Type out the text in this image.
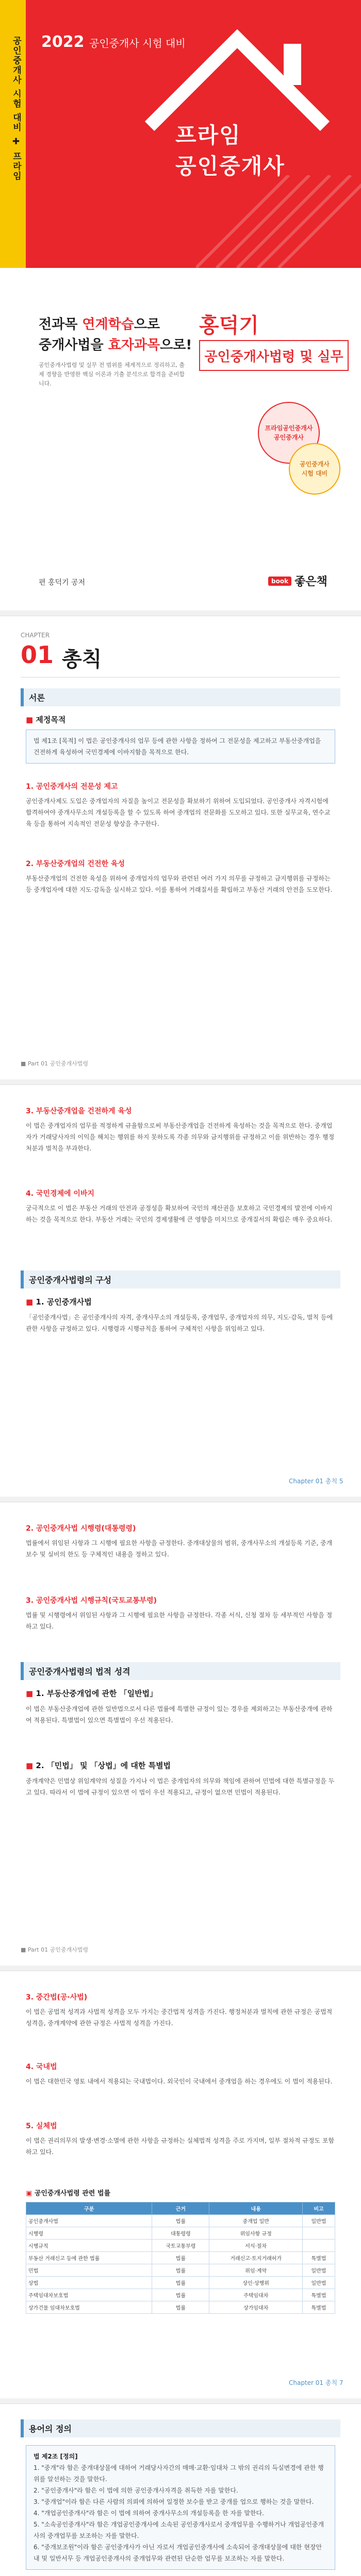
공인중개사 시험 대비 ✚ 프라임 2022 공인중개사 시험 대비
프라임
공인중개사
전과목 연계학습으로
중개사법을 효자과목으로!
공인중개사법령 및 실무 전 범위를 체계적으로 정리하고, 출제 경향을 반영한 핵심 이론과 기출 분석으로 합격을 준비합니다.
홍덕기
공인중개사법령 및 실무
프라임공인중개사
공인중개사
공인중개사
시험 대비
편 홍덕기 공저	book 좋은책
CHAPTER
01 총칙
서론
■ 제정목적
법 제1조 [목적] 이 법은 공인중개사의 업무 등에 관한 사항을 정하여 그 전문성을 제고하고 부동산중개업을 건전하게 육성하여 국민경제에 이바지함을 목적으로 한다.
1. 공인중개사의 전문성 제고
공인중개사제도 도입은 중개업자의 자질을 높이고 전문성을 확보하기 위하여 도입되었다. 공인중개사 자격시험에 합격하여야 중개사무소의 개설등록을 할 수 있도록 하여 중개업의 전문화를 도모하고 있다. 또한 실무교육, 연수교육 등을 통하여 지속적인 전문성 향상을 추구한다.
2. 부동산중개업의 건전한 육성
부동산중개업의 건전한 육성을 위하여 중개업자의 업무와 관련된 여러 가지 의무를 규정하고 금지행위를 규정하는 등 중개업자에 대한 지도·감독을 실시하고 있다. 이를 통하여 거래질서를 확립하고 부동산 거래의 안전을 도모한다.
■ Part 01 공인중개사법령
3. 부동산중개업을 건전하게 육성
이 법은 중개업자의 업무를 적정하게 규율함으로써 부동산중개업을 건전하게 육성하는 것을 목적으로 한다. 중개업자가 거래당사자의 이익을 해치는 행위를 하지 못하도록 각종 의무와 금지행위를 규정하고 이를 위반하는 경우 행정처분과 벌칙을 부과한다.
4. 국민경제에 이바지
궁극적으로 이 법은 부동산 거래의 안전과 공정성을 확보하여 국민의 재산권을 보호하고 국민경제의 발전에 이바지하는 것을 목적으로 한다. 부동산 거래는 국민의 경제생활에 큰 영향을 미치므로 중개질서의 확립은 매우 중요하다.
공인중개사법령의 구성
■ 1. 공인중개사법
「공인중개사법」은 공인중개사의 자격, 중개사무소의 개설등록, 중개업무, 중개업자의 의무, 지도·감독, 벌칙 등에 관한 사항을 규정하고 있다. 시행령과 시행규칙을 통하여 구체적인 사항을 위임하고 있다.
Chapter 01 총칙 5
2. 공인중개사법 시행령(대통령령)
법률에서 위임된 사항과 그 시행에 필요한 사항을 규정한다. 중개대상물의 범위, 중개사무소의 개설등록 기준, 중개보수 및 실비의 한도 등 구체적인 내용을 정하고 있다.
3. 공인중개사법 시행규칙(국토교통부령)
법률 및 시행령에서 위임된 사항과 그 시행에 필요한 사항을 규정한다. 각종 서식, 신청 절차 등 세부적인 사항을 정하고 있다.
공인중개사법령의 법적 성격
■ 1. 부동산중개업에 관한 「일반법」
이 법은 부동산중개업에 관한 일반법으로서 다른 법률에 특별한 규정이 있는 경우를 제외하고는 부동산중개에 관하여 적용된다. 특별법이 있으면 특별법이 우선 적용된다.
■ 2. 「민법」 및 「상법」에 대한 특별법
중개계약은 민법상 위임계약의 성질을 가지나 이 법은 중개업자의 의무와 책임에 관하여 민법에 대한 특별규정을 두고 있다. 따라서 이 법에 규정이 있으면 이 법이 우선 적용되고, 규정이 없으면 민법이 적용된다.
■ Part 01 공인중개사법령
3. 중간법(공·사법)
이 법은 공법적 성격과 사법적 성격을 모두 가지는 중간법적 성격을 가진다. 행정처분과 벌칙에 관한 규정은 공법적 성격을, 중개계약에 관한 규정은 사법적 성격을 가진다.
4. 국내법
이 법은 대한민국 영토 내에서 적용되는 국내법이다. 외국인이 국내에서 중개업을 하는 경우에도 이 법이 적용된다.
5. 실체법
이 법은 권리의무의 발생·변경·소멸에 관한 사항을 규정하는 실체법적 성격을 주로 가지며, 일부 절차적 규정도 포함하고 있다.
▣ 공인중개사법령 관련 법률
구분	근거	내용	비고
공인중개사법	법률	중개업 일반	일반법
시행령	대통령령	위임사항 규정	
시행규칙	국토교통부령	서식·절차	
부동산 거래신고 등에 관한 법률	법률	거래신고·토지거래허가	특별법
민법	법률	위임·계약	일반법
상법	법률	상인·상행위	일반법
주택임대차보호법	법률	주택임대차	특별법
상가건물 임대차보호법	법률	상가임대차	특별법
Chapter 01 총칙 7
용어의 정의
법 제2조 [정의]
1. "중개"라 함은 중개대상물에 대하여 거래당사자간의 매매·교환·임대차 그 밖의 권리의 득실변경에 관한 행위를 알선하는 것을 말한다.
2. "공인중개사"라 함은 이 법에 의한 공인중개사자격을 취득한 자를 말한다.
3. "중개업"이라 함은 다른 사람의 의뢰에 의하여 일정한 보수를 받고 중개를 업으로 행하는 것을 말한다.
4. "개업공인중개사"라 함은 이 법에 의하여 중개사무소의 개설등록을 한 자를 말한다.
5. "소속공인중개사"라 함은 개업공인중개사에 소속된 공인중개사로서 중개업무를 수행하거나 개업공인중개사의 중개업무를 보조하는 자를 말한다.
6. "중개보조원"이라 함은 공인중개사가 아닌 자로서 개업공인중개사에 소속되어 중개대상물에 대한 현장안내 및 일반서무 등 개업공인중개사의 중개업무와 관련된 단순한 업무를 보조하는 자를 말한다.
